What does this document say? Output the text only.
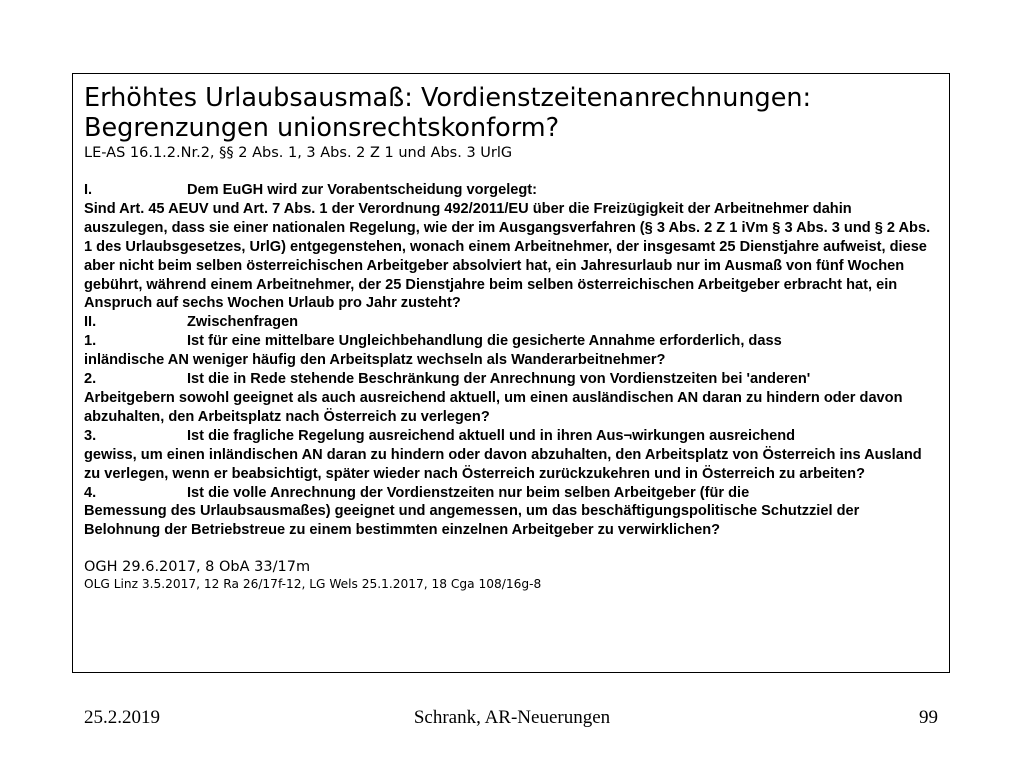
Erhöhtes Urlaubsausmaß: Vordienstzeitenanrechnungen:
Begrenzungen unionsrechtskonform?

LE-AS 16.1.2.Nr.2, §§ 2 Abs. 1, 3 Abs. 2 Z 1 und Abs. 3 UrlG

I.	Dem EuGH wird zur Vorabentscheidung vorgelegt:

Sind Art. 45 AEUV und Art. 7 Abs. 1 der Verordnung 492/2011/EU über die Freizügigkeit der Arbeitnehmer dahin auszulegen, dass sie einer nationalen Regelung, wie der im Ausgangsverfahren (§ 3 Abs. 2 Z 1 iVm § 3 Abs. 3 und § 2 Abs. 1 des Urlaubsgesetzes, UrlG) entgegenstehen, wonach einem Arbeitnehmer, der insgesamt 25 Dienstjahre aufweist, diese aber nicht beim selben österreichischen Arbeitgeber absolviert hat, ein Jahresurlaub nur im Ausmaß von fünf Wochen gebührt, während einem Arbeitnehmer, der 25 Dienstjahre beim selben österreichischen Arbeitgeber erbracht hat, ein Anspruch auf sechs Wochen Urlaub pro Jahr zusteht?

II.	Zwischenfragen
1.	Ist für eine mittelbare Ungleichbehandlung die gesicherte Annahme erforderlich, dass

inländische AN weniger häufig den Arbeitsplatz wechseln als Wanderarbeitnehmer?

2.	Ist die in Rede stehende Beschränkung der Anrechnung von Vordienstzeiten bei 'anderen'

Arbeitgebern sowohl geeignet als auch ausreichend aktuell, um einen ausländischen AN daran zu hindern oder davon abzuhalten, den Arbeitsplatz nach Österreich zu verlegen?

3.	Ist die fragliche Regelung ausreichend aktuell und in ihren Aus¬wirkungen ausreichend

gewiss, um einen inländischen AN daran zu hindern oder davon abzuhalten, den Arbeitsplatz von Österreich ins Ausland zu verlegen, wenn er beabsichtigt, später wieder nach Österreich zurückzukehren und in Österreich zu arbeiten?

4.	Ist die volle Anrechnung der Vordienstzeiten nur beim selben Arbeitgeber (für die

Bemessung des Urlaubsausmaßes) geeignet und angemessen, um das beschäftigungspolitische Schutzziel der Belohnung der Betriebstreue zu einem bestimmten einzelnen Arbeitgeber zu verwirklichen?

OGH 29.6.2017, 8 ObA 33/17m

OLG Linz 3.5.2017, 12 Ra 26/17f-12, LG Wels 25.1.2017, 18 Cga 108/16g-8

25.2.2019	Schrank, AR-Neuerungen	99
